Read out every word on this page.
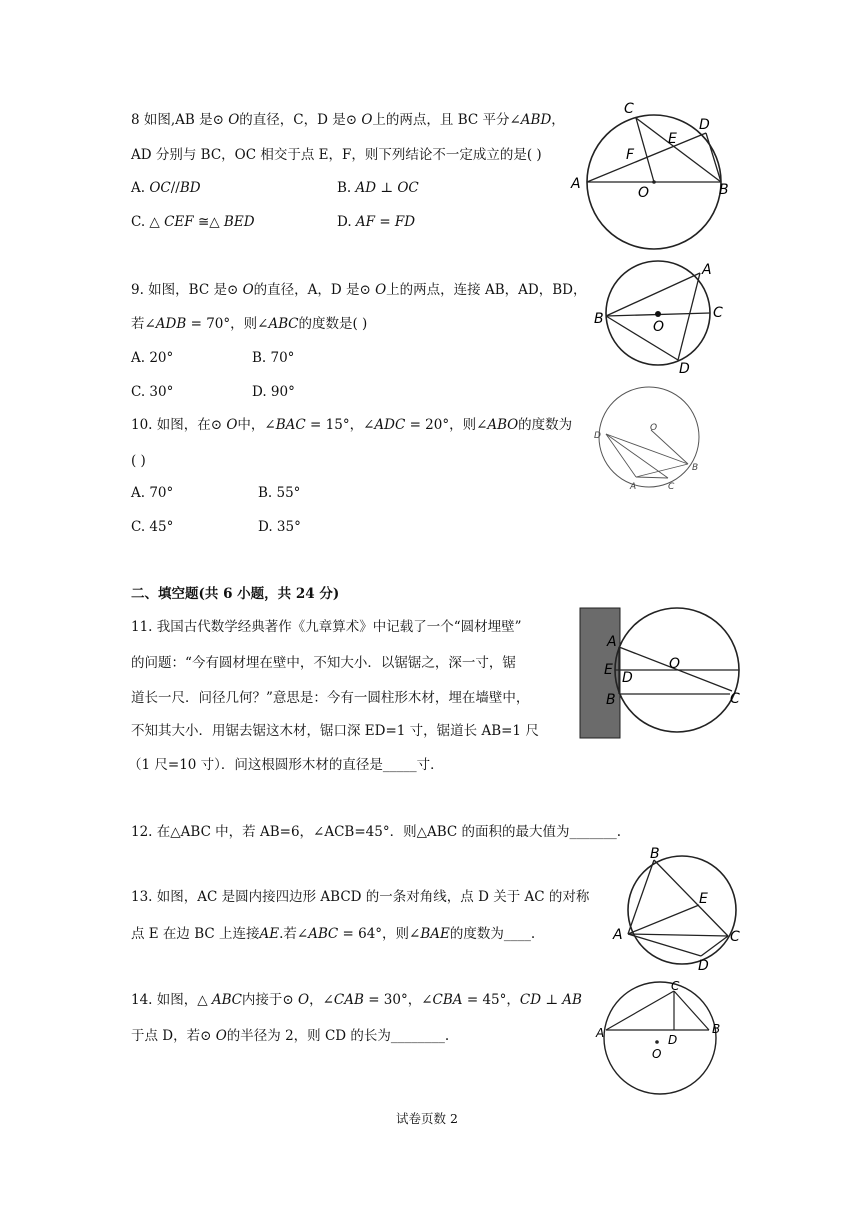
8 如图,AB 是⊙ 𝑂的直径，C，D 是⊙ 𝑂上的两点，且 BC 平分∠𝐴𝐵𝐷，
AD 分别与 BC，OC 相交于点 E，F，则下列结论不一定成立的是( )
A. 𝑂𝐶//𝐵𝐷	B. 𝐴𝐷 ⊥ 𝑂𝐶
C. △ 𝐶𝐸𝐹 ≅△ 𝐵𝐸𝐷	D. 𝐴𝐹 = 𝐹𝐷
C
D
E
F
A
O	B
9. 如图，BC 是⊙ 𝑂的直径，A，D 是⊙ 𝑂上的两点，连接 AB，AD，BD，
若∠𝐴𝐷𝐵 = 70°，则∠𝐴𝐵𝐶的度数是( )
A. 20°	B. 70°
C. 30°	D. 90°
A
B	O
C
D
10. 如图，在⊙ 𝑂中，∠𝐵𝐴𝐶 = 15°，∠𝐴𝐷𝐶 = 20°，则∠𝐴𝐵𝑂的度数为
( )
A. 70°	B. 55°
C. 45°	D. 35°
O
D
B
A	C
二、填空题(共 6 小题，共 24 分)
11. 我国古代数学经典著作《九章算术》中记载了一个“圆材埋壁”
的问题：“今有圆材埋在壁中，不知大小．以锯锯之，深一寸，锯
道长一尺．问径几何？”意思是：今有一圆柱形木材，埋在墙壁中，
不知其大小．用锯去锯这木材，锯口深 ED=1 寸，锯道长 AB=1 尺
（1 尺=10 寸）．问这根圆形木材的直径是_____寸．
A
E D
B
O
C
12. 在△ABC 中，若 AB=6，∠ACB=45°．则△ABC 的面积的最大值为_______.
13. 如图，AC 是圆内接四边形 ABCD 的一条对角线，点 D 关于 AC 的对称
点 E 在边 BC 上连接𝐴𝐸.若∠𝐴𝐵𝐶 = 64°，则∠𝐵𝐴𝐸的度数为____.
B
E
A	C
D
14. 如图，△ 𝐴𝐵𝐶内接于⊙ 𝑂，∠𝐶𝐴𝐵 = 30°，∠𝐶𝐵𝐴 = 45°，𝐶𝐷 ⊥ 𝐴𝐵
于点 D，若⊙ 𝑂的半径为 2，则 CD 的长为________.
C
A	D
B
O
试卷页数 2
